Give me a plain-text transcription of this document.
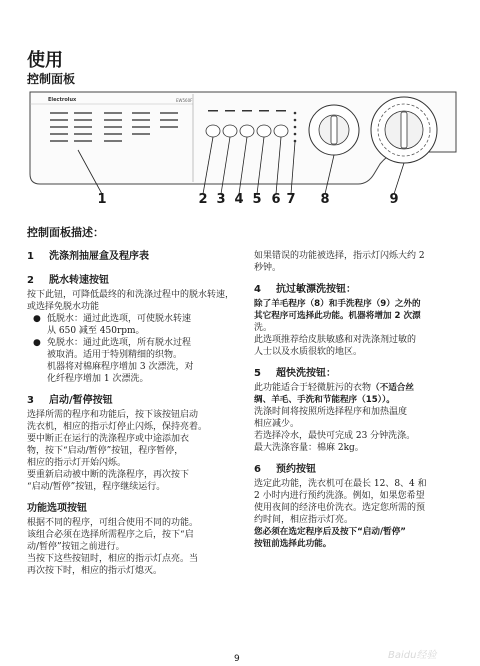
使用
控制面板
Electrolux	EW560F
1	2 3 4 5 6 7 8	9
控制面板描述：
1	洗涤剂抽屉盒及程序表
2	脱水转速按钮
按下此钮，可降低最终的和洗涤过程中的脱水转速，或选择免脱水功能
● 低脱水：通过此选项，可使脱水转速
从 650 减至 450rpm。
● 免脱水：通过此选项，所有脱水过程
被取消。适用于特别精细的织物。
机器将对棉麻程序增加 3 次漂洗，对
化纤程序增加 1 次漂洗。
3	启动/暂停按钮
选择所需的程序和功能后，按下该按钮启动
洗衣机，相应的指示灯停止闪烁，保持亮着。
要中断正在运行的洗涤程序或中途添加衣
物，按下“启动/暂停”按钮，程序暂停，
相应的指示灯开始闪烁。
要重新启动被中断的洗涤程序，再次按下
“启动/暂停”按钮，程序继续运行。
功能选项按钮
根据不同的程序，可组合使用不同的功能。
该组合必须在选择所需程序之后，按下“启
动/暂停”按钮之前进行。
当按下这些按钮时，相应的指示灯点亮。当
再次按下时，相应的指示灯熄灭。
如果错误的功能被选择，指示灯闪烁大约 2
秒钟。
4	抗过敏漂洗按钮：
除了羊毛程序（8）和手洗程序（9）之外的
其它程序可选择此功能。机器将增加 2 次漂
洗。
此选项推荐给皮肤敏感和对洗涤剂过敏的
人士以及水质很软的地区。
5	超快洗按钮：
此功能适合于轻微脏污的衣物（不适合丝
绸、羊毛、手洗和节能程序（15））。
洗涤时间将按照所选择程序和加热温度
相应减少。
若选择冷水，最快可完成 23 分钟洗涤。
最大洗涤容量：棉麻 2kg。
6	预约按钮
选定此功能，洗衣机可在最长 12、8、4 和
2 小时内进行预约洗涤。例如，如果您希望
使用夜间的经济电价洗衣。选定您所需的预
约时间，相应指示灯亮。
您必须在选定程序后及按下“启动/暂停”
按钮前选择此功能。
9	Baidu经验
